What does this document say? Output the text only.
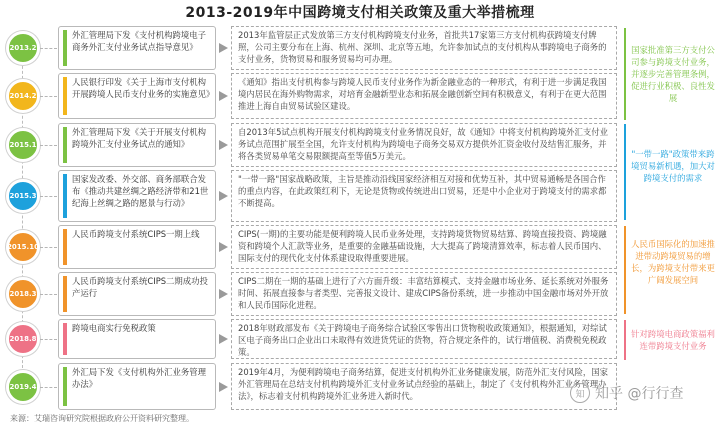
2013-2019年中国跨境支付相关政策及重大举措梳理
2013.2
外汇管理局下发《支付机构跨境电子商务外汇支付业务试点指导意见》
2013年监管层正式发放第三方支付机构跨境支付业务，首批共17家第三方支付机构获跨境支付牌照，公司主要分布在上海、杭州、深圳、北京等五地，允许参加试点的支付机构从事跨境电子商务的支付业务，货物贸易和服务贸易均可办理。
2014.2
人民银行印发《关于上海市支付机构开展跨境人民币支付业务的实施意见》
《通知》指出支付机构参与跨境人民币支付业务作为新金融业态的一种形式，有利于进一步满足我国境内居民在海外购物需求，对培育金融新型业态和拓展金融创新空间有积极意义，有利于在更大范围推进上海自由贸易试验区建设。
2015.1
外汇管理局下发《关于开展支付机构跨境外汇支付业务试点的通知》
自2013年5试点机构开展支付机构跨境支付业务情况良好，故《通知》中将支付机构跨境外汇支付业务试点范围扩展至全国，允许支付机构为跨境电子商务交易双方提供外汇资金收付及结售汇服务，并将各类贸易单笔交易限额提高至等值5万美元。
2015.3
国家发改委、外交部、商务部联合发布《推动共建丝绸之路经济带和21世纪海上丝绸之路的愿景与行动》
"一带一路"国家战略政策，主旨是推动沿线国家经济相互对接和优势互补，其中贸易通畅是各国合作的重点内容，在此政策红利下，无论是货物或传统进出口贸易，还是中小企业对于跨境支付的需求都不断提高。
2015.10
人民币跨境支付系统CIPS一期上线	CIPS(一期)的主要功能是便利跨境人民币业务处理，支持跨境货物贸易结算、跨境直接投资、跨境融资和跨境个人汇款等业务，是重要的金融基础设施，大大提高了跨境清算效率，标志着人民币国内、国际支付的现代化支付体系建设取得重要进展。
2018.3
人民币跨境支付系统CIPS二期成功投产运行
CIPS二期在一期的基础上进行了六方面升级：丰富结算模式、支持金融市场业务、延长系统对外服务时间、拓展直接参与者类型、完善报文设计、建成CIPS备份系统，进一步推动中国金融市场对外开放和人民币国际化进程。
2018.8
跨境电商实行免税政策	2018年财政部发布《关于跨境电子商务综合试验区零售出口货物税收政策通知》，根据通知，对综试区电子商务出口企业出口未取得有效进货凭证的货物，符合规定条件的，试行增值税、消费税免税政策。
2019.4
外汇局下发《支付机构外汇业务管理办法》
2019年4月，为便利跨境电子商务结算，促进支付机构外汇业务健康发展，防范外汇支付风险，国家外汇管理局在总结支付机构跨境外汇支付业务试点经验的基础上，制定了《支付机构外汇业务管理办法》，标志着支付机构跨境外汇业务进入新时代。
国家批准第三方支付公司参与跨境支付业务，并逐步完善管理条例，促进行业积极、良性发展
"一带一路"政策带来跨境贸易新机遇，加大对跨境支付的需求
人民币国际化的加速推进带动跨境贸易的增长，为跨境支付带来更广阔发展空间
针对跨境电商政策福利连带跨境支付业务
来源：艾瑞咨询研究院根据政府公开资料研究整理。
知 知乎 @行行查
